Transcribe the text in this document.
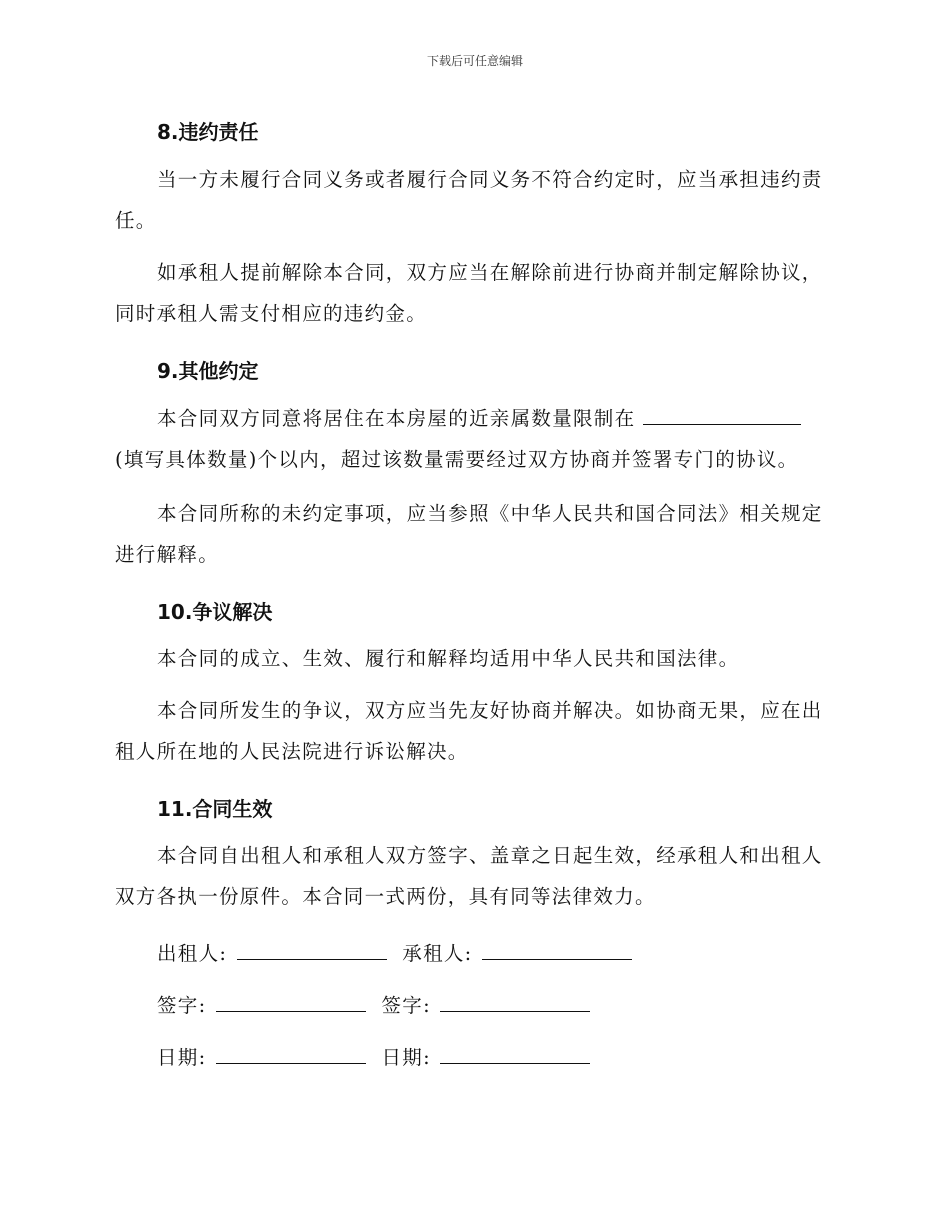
下载后可任意编辑
8.违约责任

当一方未履行合同义务或者履行合同义务不符合约定时，应当承担违约责任。

如承租人提前解除本合同，双方应当在解除前进行协商并制定解除协议，同时承租人需支付相应的违约金。

9.其他约定

本合同双方同意将居住在本房屋的近亲属数量限制在 (填写具体数量)个以内，超过该数量需要经过双方协商并签署专门的协议。

本合同所称的未约定事项，应当参照《中华人民共和国合同法》相关规定进行解释。

10.争议解决

本合同的成立、生效、履行和解释均适用中华人民共和国法律。

本合同所发生的争议，双方应当先友好协商并解决。如协商无果，应在出租人所在地的人民法院进行诉讼解决。

11.合同生效

本合同自出租人和承租人双方签字、盖章之日起生效，经承租人和出租人双方各执一份原件。本合同一式两份，具有同等法律效力。

出租人:	承租人:
签字:	签字:
日期:	日期:
